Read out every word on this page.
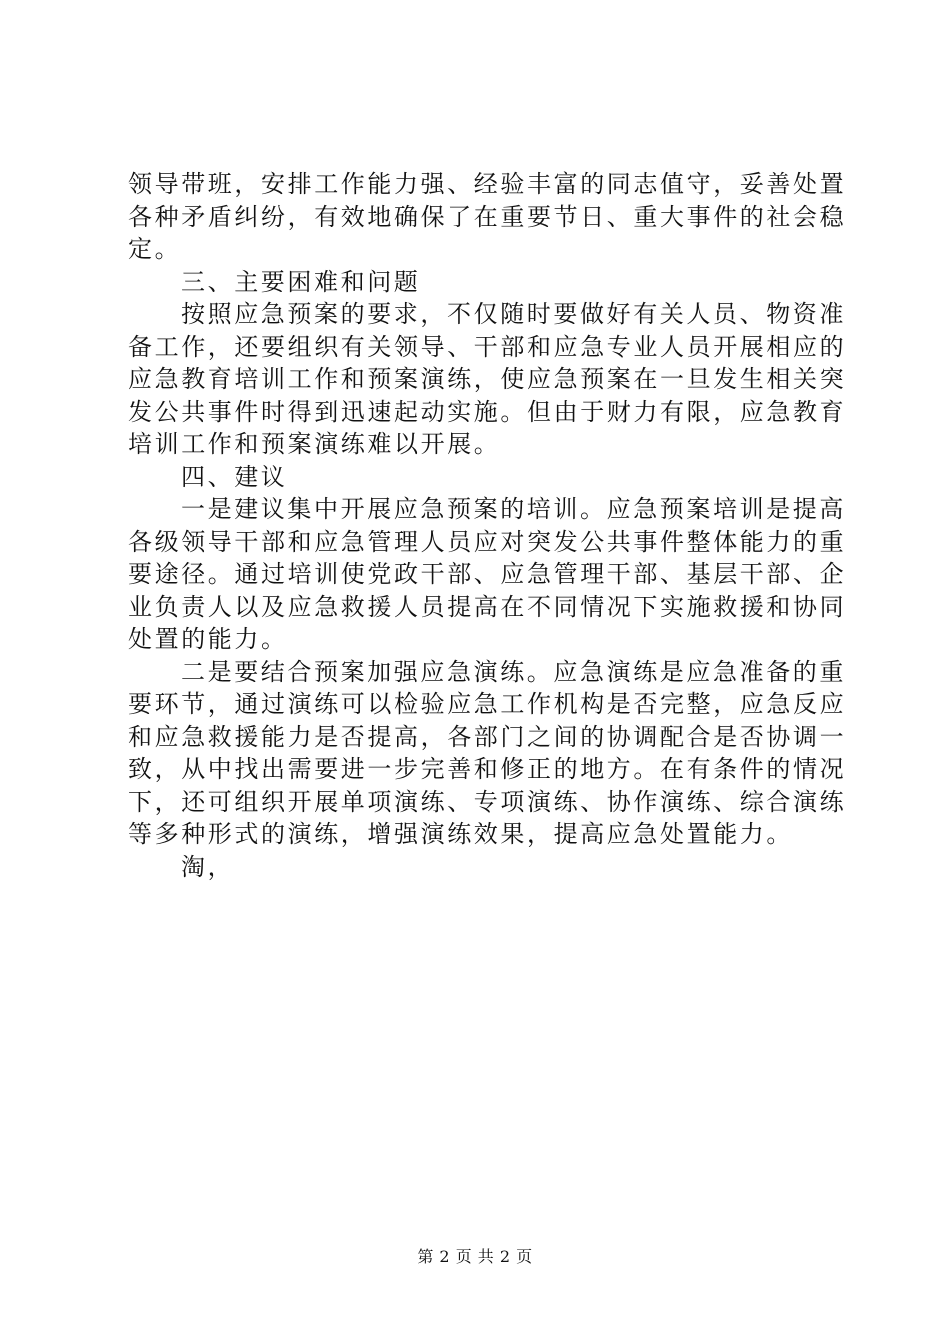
领导带班，安排工作能力强、经验丰富的同志值守，妥善处置
各种矛盾纠纷，有效地确保了在重要节日、重大事件的社会稳
定。
三、主要困难和问题
按照应急预案的要求，不仅随时要做好有关人员、物资准
备工作，还要组织有关领导、干部和应急专业人员开展相应的
应急教育培训工作和预案演练，使应急预案在一旦发生相关突
发公共事件时得到迅速起动实施。但由于财力有限，应急教育
培训工作和预案演练难以开展。
四、建议
一是建议集中开展应急预案的培训。应急预案培训是提高
各级领导干部和应急管理人员应对突发公共事件整体能力的重
要途径。通过培训使党政干部、应急管理干部、基层干部、企
业负责人以及应急救援人员提高在不同情况下实施救援和协同
处置的能力。
二是要结合预案加强应急演练。应急演练是应急准备的重
要环节，通过演练可以检验应急工作机构是否完整，应急反应
和应急救援能力是否提高，各部门之间的协调配合是否协调一
致，从中找出需要进一步完善和修正的地方。在有条件的情况
下，还可组织开展单项演练、专项演练、协作演练、综合演练
等多种形式的演练，增强演练效果，提高应急处置能力。
淘，
第 2 页 共 2 页
